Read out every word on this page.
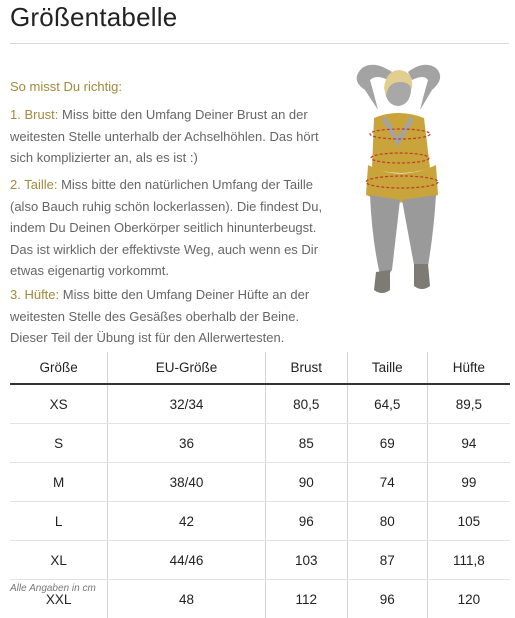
Größentabelle
So misst Du richtig:
1. Brust: Miss bitte den Umfang Deiner Brust an der weitesten Stelle unterhalb der Achselhöhlen. Das hört sich komplizierter an, als es ist :)
2. Taille: Miss bitte den natürlichen Umfang der Taille (also Bauch ruhig schön lockerlassen). Die findest Du, indem Du Deinen Oberkörper seitlich hinunterbeugst. Das ist wirklich der effektivste Weg, auch wenn es Dir etwas eigenartig vorkommt.
3. Hüfte: Miss bitte den Umfang Deiner Hüfte an der weitesten Stelle des Gesäßes oberhalb der Beine. Dieser Teil der Übung ist für den Allerwertesten.
Größe	EU-Größe	Brust	Taille	Hüfte
XS	32/34	80,5	64,5	89,5
S	36	85	69	94
M	38/40	90	74	99
L	42	96	80	105
XL	44/46	103	87	111,8
XXL	48	112	96	120
Alle Angaben in cm
